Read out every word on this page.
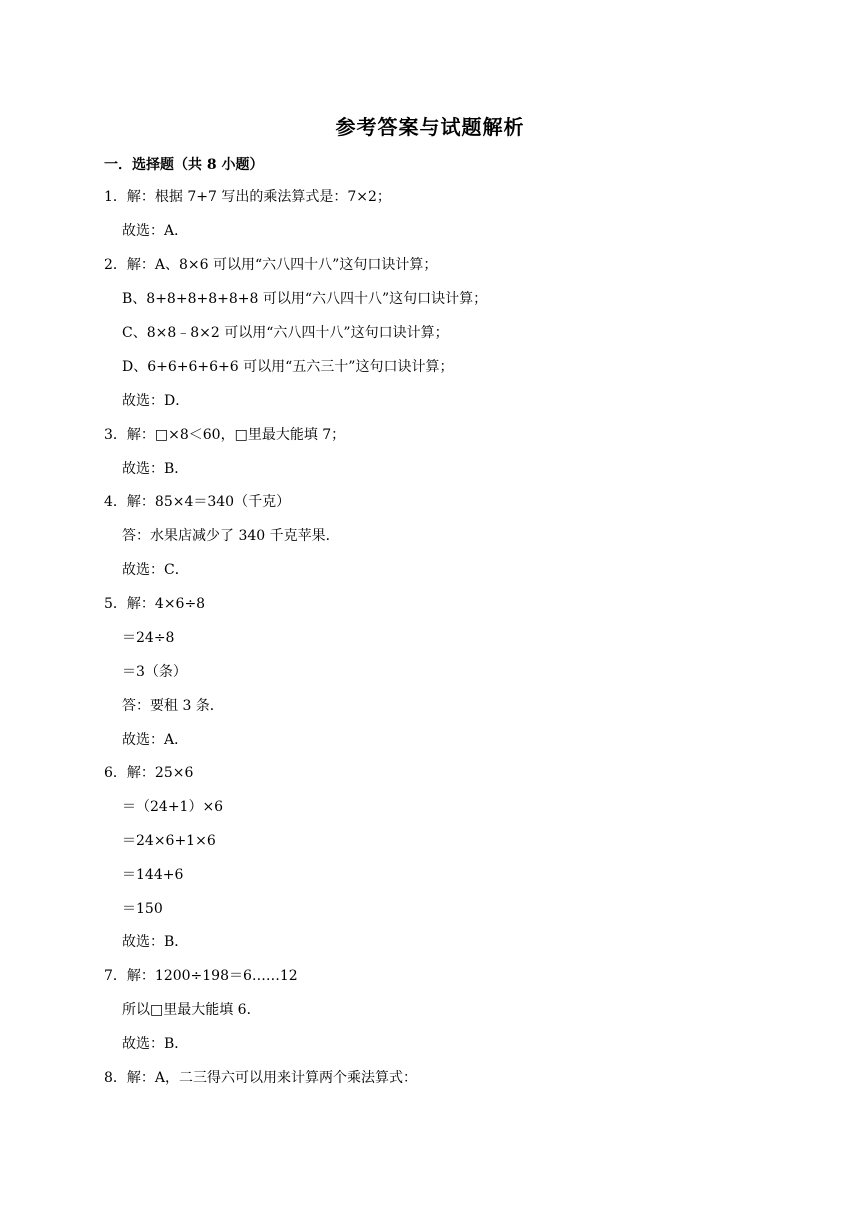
参考答案与试题解析
一．选择题（共 8 小题）
1．解：根据 7+7 写出的乘法算式是：7×2；
故选：A．
2．解：A、8×6 可以用“六八四十八”这句口诀计算；
B、8+8+8+8+8+8 可以用“六八四十八”这句口诀计算；
C、8×8﹣8×2 可以用“六八四十八”这句口诀计算；
D、6+6+6+6+6 可以用“五六三十”这句口诀计算；
故选：D．
3．解：□×8＜60，□里最大能填 7；
故选：B．
4．解：85×4＝340（千克）
答：水果店减少了 340 千克苹果．
故选：C．
5．解：4×6÷8
＝24÷8
＝3（条）
答：要租 3 条．
故选：A．
6．解：25×6
＝（24+1）×6
＝24×6+1×6
＝144+6
＝150
故选：B．
7．解：1200÷198＝6……12
所以□里最大能填 6．
故选：B．
8．解：A，二三得六可以用来计算两个乘法算式：
